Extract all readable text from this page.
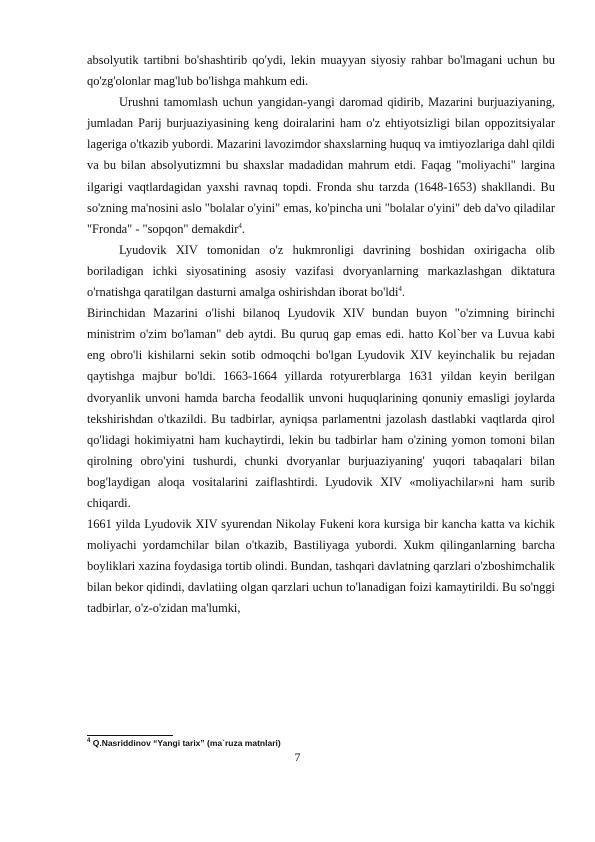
absolyutik tartibni bo'shashtirib qo'ydi, lekin muayyan siyosiy rahbar bo'lmagani uchun bu qo'zg'olonlar mag'lub bo'lishga mahkum edi.

Urushni tamomlash uchun yangidan-yangi daromad qidirib, Mazarini burjuaziyaning, jumladan Parij burjuaziyasining keng doiralarini ham o'z ehtiyotsizligi bilan oppozitsiyalar lageriga o'tkazib yubordi. Mazarini lavozimdor shaxslarning huquq va imtiyozlariga dahl qildi va bu bilan absolyutizmni bu shaxslar madadidan mahrum etdi. Faqag "moliyachi" largina ilgarigi vaqtlardagidan yaxshi ravnaq topdi. Fronda shu tarzda (1648-1653) shakllandi. Bu so'zning ma'nosini aslo "bolalar o'yini" emas, ko'pincha uni "bolalar o'yini" deb da'vo qiladilar "Fronda" - "sopqon" demakdir$^4$.

Lyudovik XIV tomonidan o'z hukmronligi davrining boshidan oxirigacha olib boriladigan ichki siyosatining asosiy vazifasi dvoryanlarning markazlashgan diktatura o'rnatishga qaratilgan dasturni amalga oshirishdan iborat bo'ldi$^4$.

Birinchidan Mazarini o'lishi bilanoq Lyudovik XIV bundan buyon "o'zimning birinchi ministrim o'zim bo'laman" deb aytdi. Bu quruq gap emas edi. hatto Kol`ber va Luvua kabi eng obro'li kishilarni sekin sotib odmoqchi bo'lgan Lyudovik XIV keyinchalik bu rejadan qaytishga majbur bo'ldi. 1663-1664 yillarda rotyurerblarga 1631 yildan keyin berilgan dvoryanlik unvoni hamda barcha feodallik unvoni huquqlarining qonuniy emasligi joylarda tekshirishdan o'tkazildi. Bu tadbirlar, ayniqsa parlamentni jazolash dastlabki vaqtlarda qirol qo'lidagi hokimiyatni ham kuchaytirdi, lekin bu tadbirlar ham o'zining yomon tomoni bilan qirolning obro'yini tushurdi, chunki dvoryanlar burjuaziyaning' yuqori tabaqalari bilan bog'laydigan aloqa vositalarini zaiflashtirdi. Lyudovik XIV «moliyachilar»ni ham surib chiqardi.

1661 yilda Lyudovik XIV syurendan Nikolay Fukeni kora kursiga bir kancha katta va kichik moliyachi yordamchilar bilan o'tkazib, Bastiliyaga yubordi. Xukm qilinganlarning barcha boyliklari xazina foydasiga tortib olindi. Bundan, tashqari davlatning qarzlari o'zboshimchalik bilan bekor qidindi, davlatiing olgan qarzlari uchun to'lanadigan foizi kamaytirildi. Bu so'nggi tadbirlar, o'z-o'zidan ma'lumki,

$^4$ Q.Nasriddinov “Yangi tarix” (ma`ruza matnlari)
7
